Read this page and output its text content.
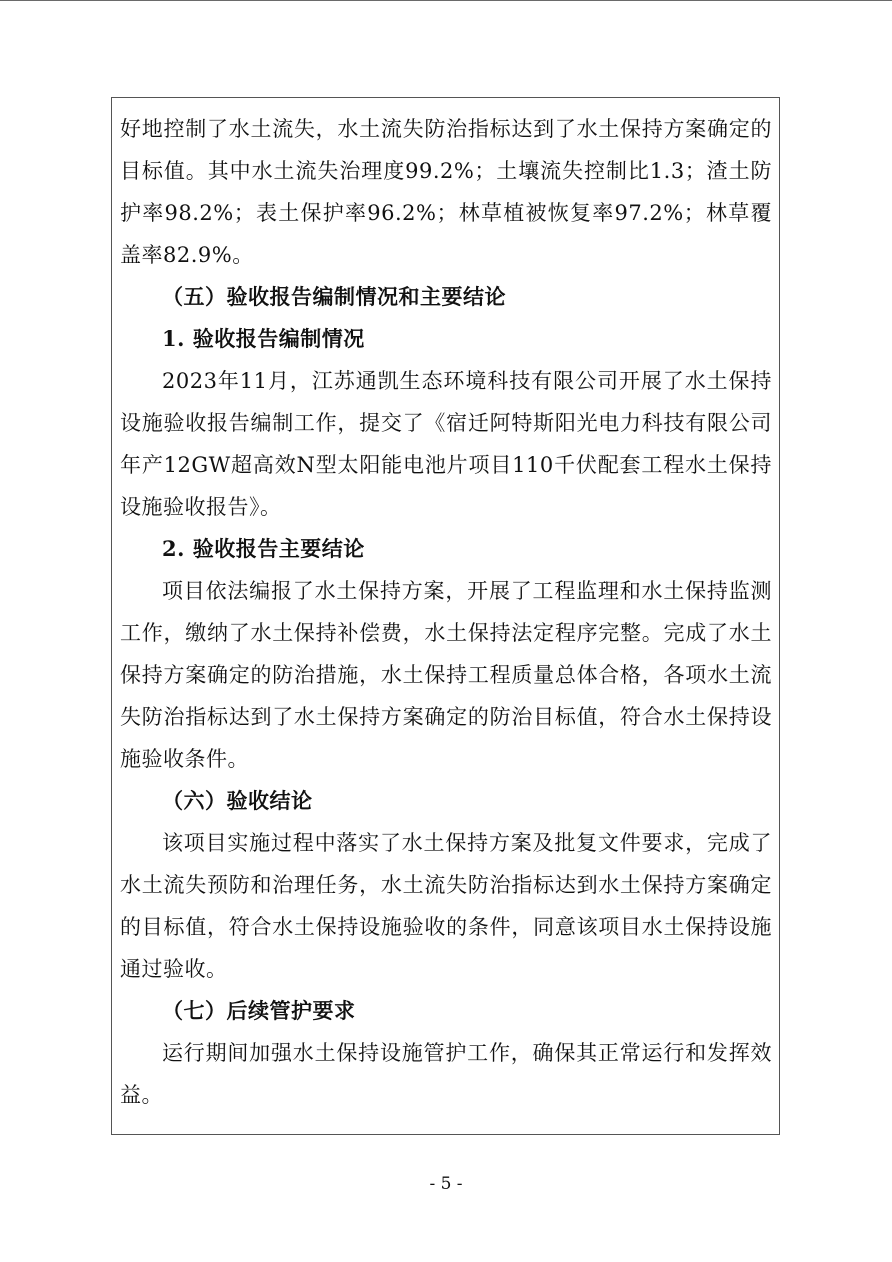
好地控制了水土流失，水土流失防治指标达到了水土保持方案确定的目标值。其中水土流失治理度99.2%；土壤流失控制比1.3；渣土防护率98.2%；表土保护率96.2%；林草植被恢复率97.2%；林草覆盖率82.9%。

（五）验收报告编制情况和主要结论

1. 验收报告编制情况

2023年11月，江苏通凯生态环境科技有限公司开展了水土保持设施验收报告编制工作，提交了《宿迁阿特斯阳光电力科技有限公司年产12GW超高效N型太阳能电池片项目110千伏配套工程水土保持设施验收报告》。

2. 验收报告主要结论

项目依法编报了水土保持方案，开展了工程监理和水土保持监测工作，缴纳了水土保持补偿费，水土保持法定程序完整。完成了水土保持方案确定的防治措施，水土保持工程质量总体合格，各项水土流失防治指标达到了水土保持方案确定的防治目标值，符合水土保持设施验收条件。

（六）验收结论

该项目实施过程中落实了水土保持方案及批复文件要求，完成了水土流失预防和治理任务，水土流失防治指标达到水土保持方案确定的目标值，符合水土保持设施验收的条件，同意该项目水土保持设施通过验收。

（七）后续管护要求

运行期间加强水土保持设施管护工作，确保其正常运行和发挥效益。

- 5 -
